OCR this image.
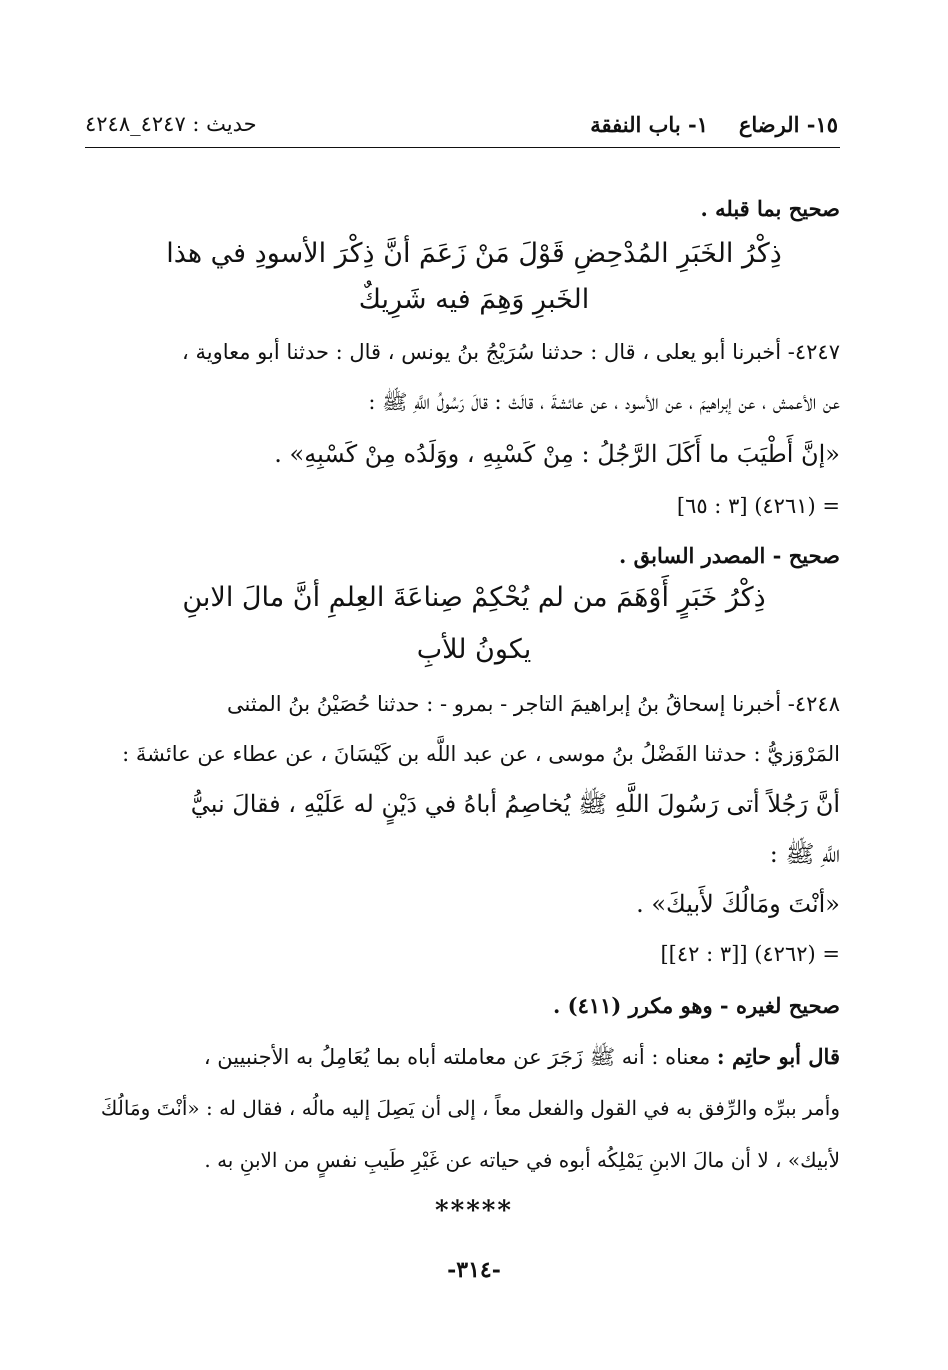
١٥- الرضاع
١- باب النفقة
حديث : ٤٢٤٧_٤٢٤٨
صحيح بما قبله .
ذِكْرُ الخَبَرِ المُدْحِضِ قَوْلَ مَنْ زَعَمَ أنَّ ذِكْرَ الأسودِ في هذا
الخَبرِ وَهِمَ فيه شَرِيكٌ
٤٢٤٧- أخبرنا أبو يعلى ، قال : حدثنا سُرَيْجُ بنُ يونس ، قال : حدثنا أبو معاوية ،
عن الأعمش ، عن إبراهيمَ ، عن الأسود ، عن عائشةَ ، قالَتْ : قالَ رَسُولُ اللَّهِ ﷺ :
«إنَّ أَطْيَبَ ما أَكَلَ الرَّجُلُ : مِنْ كَسْبِهِ ، ووَلَدُه مِنْ كَسْبِهِ» .
= (٤٢٦١) [٣ : ٦٥]
صحيح - المصدر السابق .
ذِكْرُ خَبَرٍ أَوْهَمَ من لم يُحْكِمْ صِناعَةَ العِلمِ أنَّ مالَ الابنِ
يكونُ للأبِ
٤٢٤٨- أخبرنا إسحاقُ بنُ إبراهيمَ التاجر - بمرو - : حدثنا حُصَيْنُ بنُ المثنى
المَرْوَزيُّ : حدثنا الفَضْلُ بنُ موسى ، عن عبد اللَّه بن كَيْسَانَ ، عن عطاء عن عائشةَ :
أنَّ رَجُلاً أتى رَسُولَ اللَّهِ ﷺ يُخاصِمُ أباهُ في دَيْنٍ له عَلَيْهِ ، فقالَ نبيُّ
اللَّهِ ﷺ :
«أنْتَ ومَالُكَ لأَبيكَ» .
= (٤٢٦٢) [[٣ : ٤٢]]
صحيح لغيره - وهو مكرر (٤١١) .
قال أبو حاتِم : معناه : أنه ﷺ زَجَرَ عن معاملته أباه بما يُعَامِلُ به الأجنبيين ،
وأمر ببرِّه والرِّفق به في القول والفعل معاً ، إلى أن يَصِلَ إليه مالُه ، فقال له : «أنْتَ ومَالُكَ
لأبيك» ، لا أن مالَ الابنِ يَمْلِكُه أبوه في حياته عن غَيْرِ طَيبِ نفسٍ من الابنِ به .
*****
-٣١٤-
